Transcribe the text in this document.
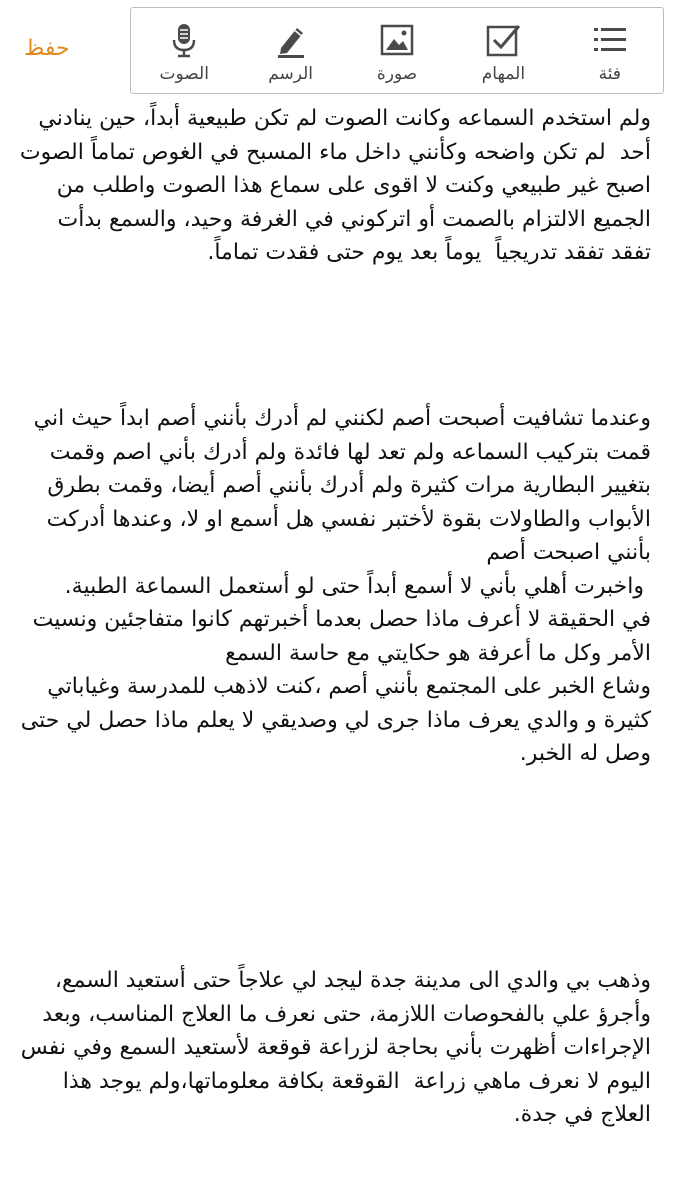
حفظ
الصوت	الرسم	صورة	المهام	فئة

ولم استخدم السماعه وكانت الصوت لم تكن طبيعية أبداً، حين ينادني أحد  لم تكن واضحه وكأنني داخل ماء المسبح في الغوص تماماً الصوت اصبح غير طبيعي وكنت لا اقوى على سماع هذا الصوت واطلب من الجميع الالتزام بالصمت أو اتركوني في الغرفة وحيد، والسمع بدأت تفقد تفقد تدريجياً  يوماً بعد يوم حتى فقدت تماماً.

وعندما تشافيت أصبحت أصم لكنني لم أدرك بأنني أصم ابداً حيث اني قمت بتركيب السماعه ولم تعد لها فائدة ولم أدرك بأني اصم وقمت بتغيير البطارية مرات كثيرة ولم أدرك بأنني أصم أيضا، وقمت بطرق الأبواب والطاولات بقوة لأختبر نفسي هل أسمع او لا، وعندها أدركت بأنني اصبحت أصم
واخبرت أهلي بأني لا أسمع أبداً حتى لو أستعمل السماعة الطبية.
في الحقيقة لا أعرف ماذا حصل بعدما أخبرتهم كانوا متفاجئين ونسيت الأمر وكل ما أعرفة هو حكايتي مع حاسة السمع
وشاع الخبر على المجتمع بأنني أصم ،كنت لاذهب للمدرسة وغياباتي كثيرة و والدي يعرف ماذا جرى لي وصديقي لا يعلم ماذا حصل لي حتى وصل له الخبر.

وذهب بي والدي الى مدينة جدة ليجد لي علاجاً حتى أستعيد السمع، وأجرؤ علي بالفحوصات اللازمة، حتى نعرف ما العلاج المناسب، وبعد الإجراءات أظهرت بأني بحاجة لزراعة قوقعة لأستعيد السمع وفي نفس اليوم لا نعرف ماهي زراعة  القوقعة بكافة معلوماتها،ولم يوجد هذا العلاج في جدة.
